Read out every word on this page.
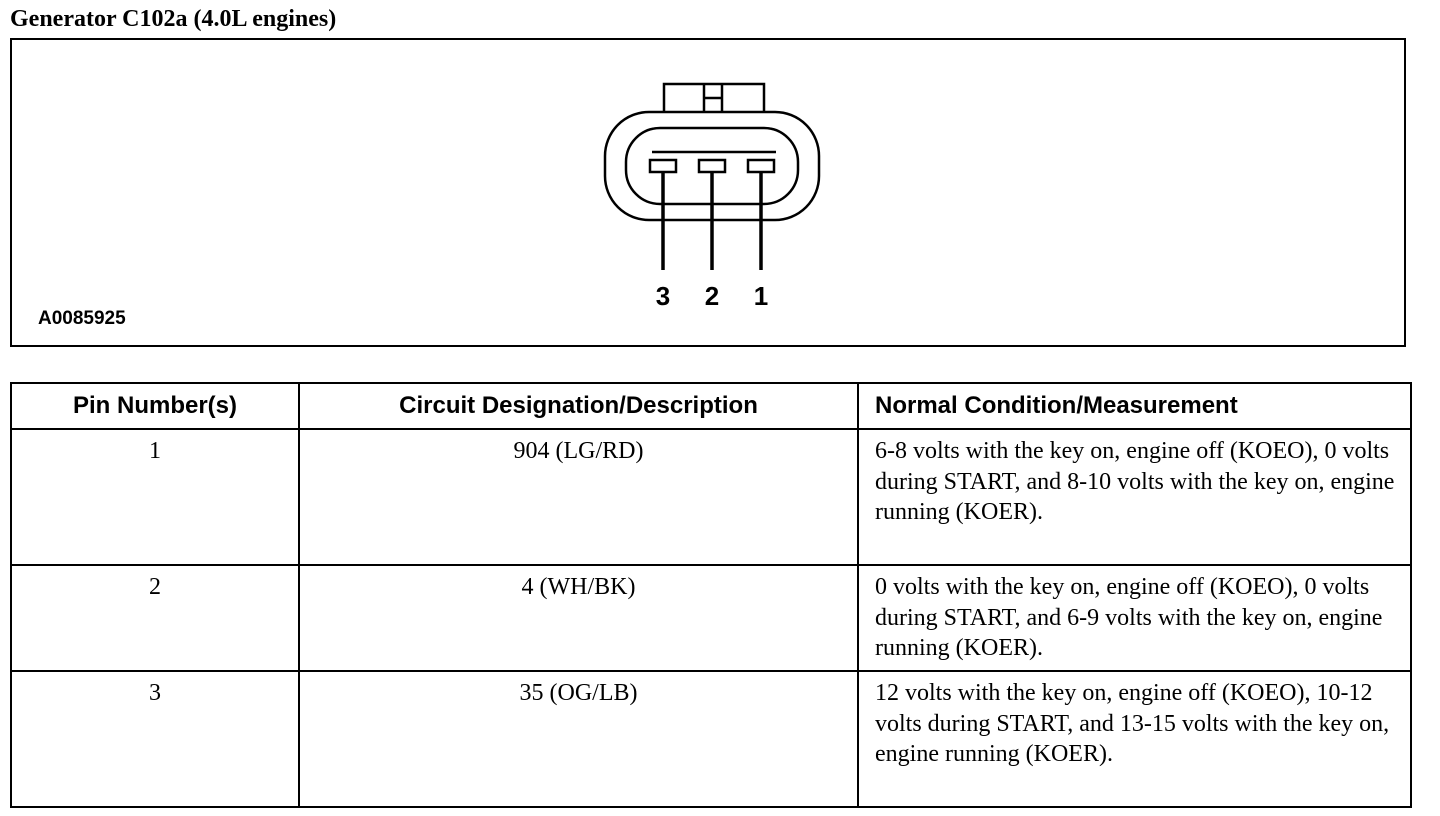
Generator C102a (4.0L engines)
A0085925
3 2 1
Pin Number(s)	Circuit Designation/Description	Normal Condition/Measurement
1	904 (LG/RD)	6-8 volts with the key on, engine off (KOEO), 0 volts during START, and 8-10 volts with the key on, engine running (KOER).
2	4 (WH/BK)	0 volts with the key on, engine off (KOEO), 0 volts during START, and 6-9 volts with the key on, engine running (KOER).
3	35 (OG/LB)	12 volts with the key on, engine off (KOEO), 10-12 volts during START, and 13-15 volts with the key on, engine running (KOER).
